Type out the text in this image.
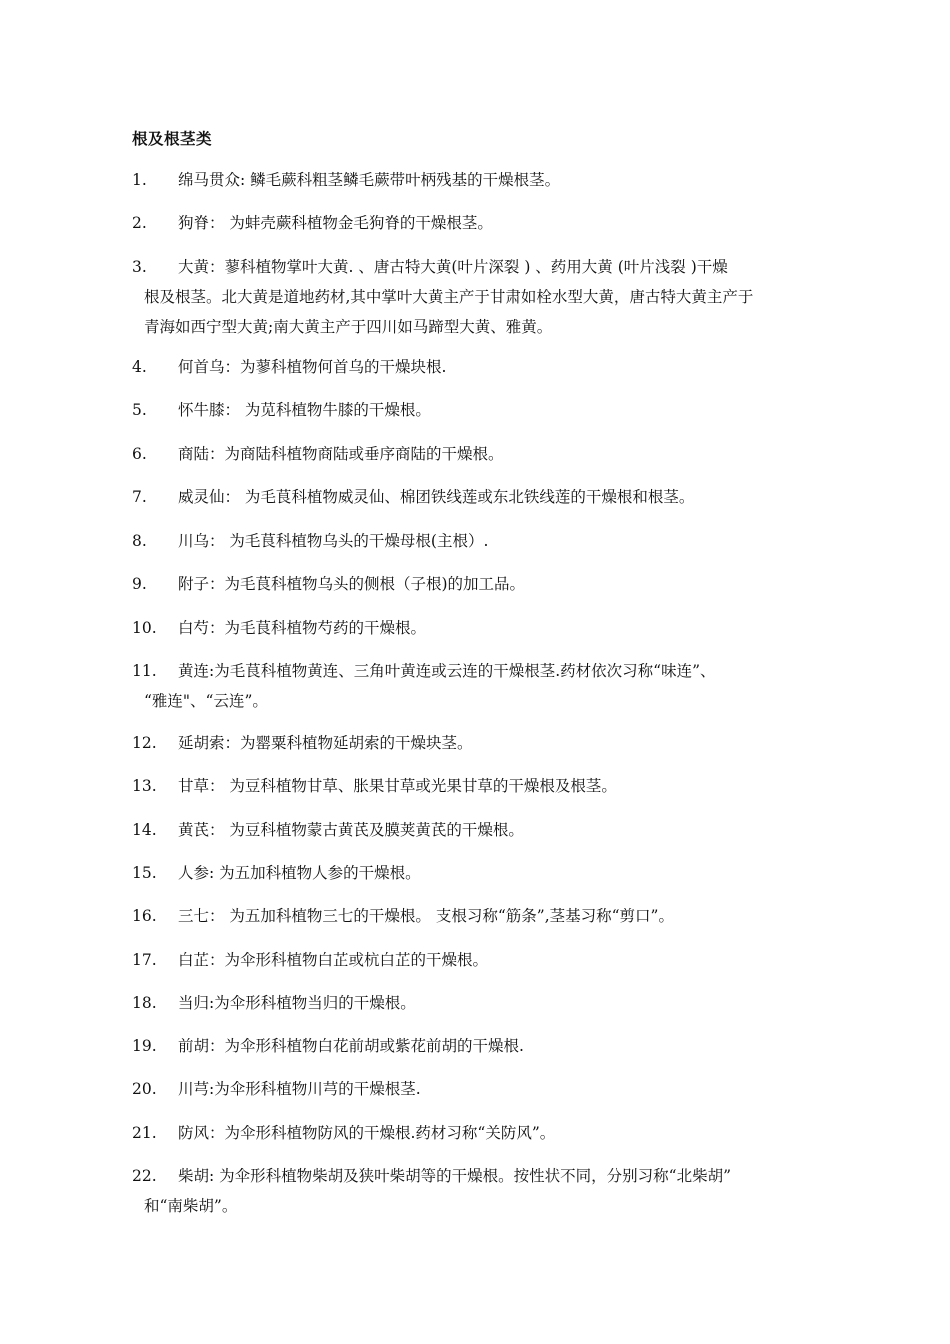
根及根茎类
1. 绵马贯众: 鳞毛蕨科粗茎鳞毛蕨带叶柄残基的干燥根茎。
2. 狗脊： 为蚌壳蕨科植物金毛狗脊的干燥根茎。
3. 大黄：蓼科植物掌叶大黄. 、唐古特大黄(叶片深裂 ) 、药用大黄 (叶片浅裂 )干燥
根及根茎。北大黄是道地药材,其中掌叶大黄主产于甘肃如栓水型大黄，唐古特大黄主产于
青海如西宁型大黄;南大黄主产于四川如马蹄型大黄、雅黄。
4. 何首乌：为蓼科植物何首乌的干燥块根.
5. 怀牛膝： 为苋科植物牛膝的干燥根。
6. 商陆：为商陆科植物商陆或垂序商陆的干燥根。
7. 威灵仙： 为毛茛科植物威灵仙、棉团铁线莲或东北铁线莲的干燥根和根茎。
8. 川乌： 为毛茛科植物乌头的干燥母根(主根）.
9. 附子：为毛茛科植物乌头的侧根（子根)的加工品。
10. 白芍：为毛茛科植物芍药的干燥根。
11. 黄连:为毛茛科植物黄连、三角叶黄连或云连的干燥根茎.药材依次习称“味连”、
“雅连"、“云连”。
12. 延胡索：为罂粟科植物延胡索的干燥块茎。
13. 甘草： 为豆科植物甘草、胀果甘草或光果甘草的干燥根及根茎。
14. 黄芪： 为豆科植物蒙古黄芪及膜荚黄芪的干燥根。
15. 人参: 为五加科植物人参的干燥根。
16. 三七： 为五加科植物三七的干燥根。 支根习称“筋条”,茎基习称“剪口”。
17. 白芷：为伞形科植物白芷或杭白芷的干燥根。
18. 当归:为伞形科植物当归的干燥根。
19. 前胡：为伞形科植物白花前胡或紫花前胡的干燥根.
20. 川芎:为伞形科植物川芎的干燥根茎.
21. 防风：为伞形科植物防风的干燥根.药材习称“关防风”。
22. 柴胡: 为伞形科植物柴胡及狭叶柴胡等的干燥根。按性状不同，分别习称“北柴胡”
和“南柴胡”。
